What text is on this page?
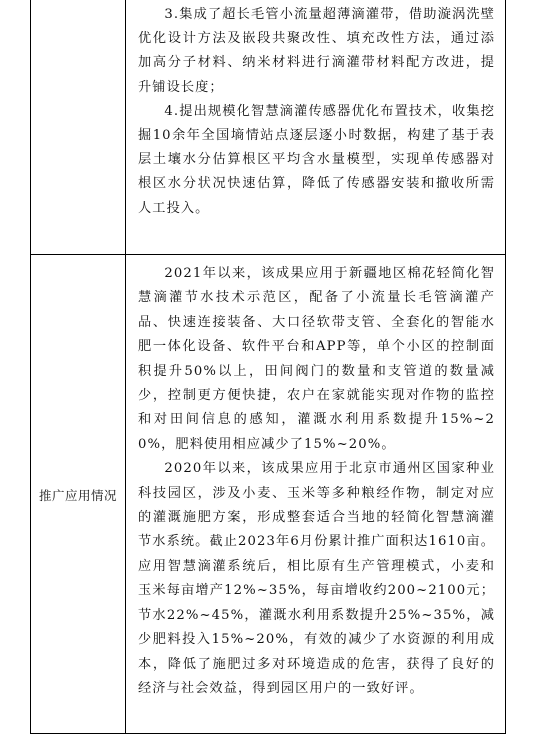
3.集成了超长毛管小流量超薄滴灌带，借助漩涡洗壁优化设计方法及嵌段共聚改性、填充改性方法，通过添加高分子材料、纳米材料进行滴灌带材料配方改进，提升铺设长度；

4.提出规模化智慧滴灌传感器优化布置技术，收集挖掘10余年全国墒情站点逐层逐小时数据，构建了基于表层土壤水分估算根区平均含水量模型，实现单传感器对根区水分状况快速估算，降低了传感器安装和撤收所需人工投入。

推广应用情况

2021年以来，该成果应用于新疆地区棉花轻简化智慧滴灌节水技术示范区，配备了小流量长毛管滴灌产品、快速连接装备、大口径软带支管、全套化的智能水肥一体化设备、软件平台和APP等，单个小区的控制面积提升50%以上，田间阀门的数量和支管道的数量减少，控制更方便快捷，农户在家就能实现对作物的监控和对田间信息的感知，灌溉水利用系数提升15%~20%，肥料使用相应减少了15%~20%。

2020年以来，该成果应用于北京市通州区国家种业科技园区，涉及小麦、玉米等多种粮经作物，制定对应的灌溉施肥方案，形成整套适合当地的轻简化智慧滴灌节水系统。截止2023年6月份累计推广面积达1610亩。应用智慧滴灌系统后，相比原有生产管理模式，小麦和玉米每亩增产12%~35%，每亩增收约200~2100元；节水22%~45%，灌溉水利用系数提升25%~35%，减少肥料投入15%~20%，有效的减少了水资源的利用成本，降低了施肥过多对环境造成的危害，获得了良好的经济与社会效益，得到园区用户的一致好评。
